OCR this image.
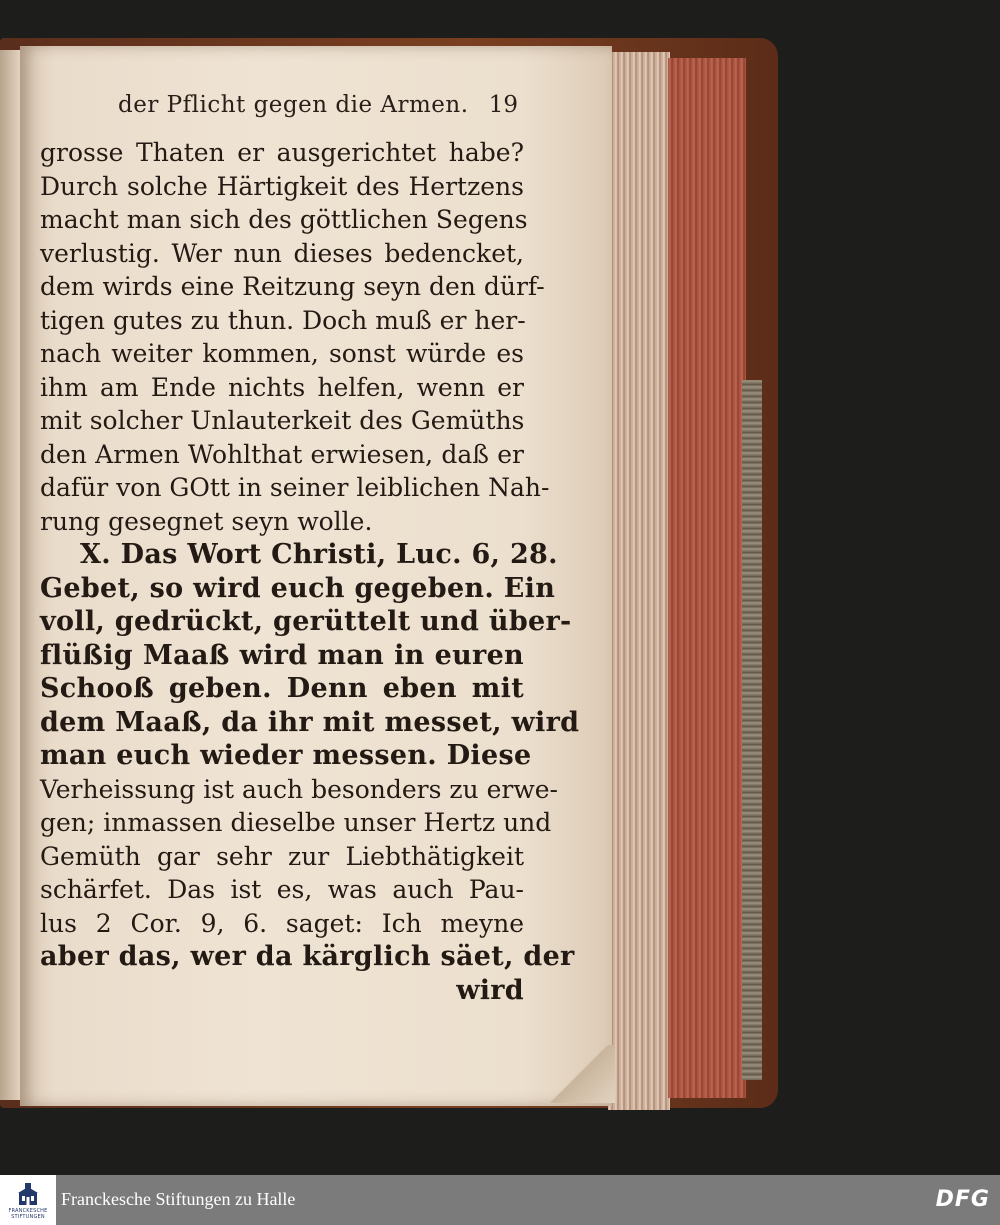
der Pflicht gegen die Armen. 19
grosse Thaten er ausgerichtet habe?
Durch solche Härtigkeit des Hertzens
macht man sich des göttlichen Segens
verlustig. Wer nun dieses bedencket,
dem wirds eine Reitzung seyn den dürf-
tigen gutes zu thun. Doch muß er her-
nach weiter kommen, sonst würde es
ihm am Ende nichts helfen, wenn er
mit solcher Unlauterkeit des Gemüths
den Armen Wohlthat erwiesen, daß er
dafür von GOtt in seiner leiblichen Nah-
rung gesegnet seyn wolle.
X. Das Wort Christi, Luc. 6, 28.
Gebet, so wird euch gegeben. Ein
voll, gedrückt, gerüttelt und über-
flüßig Maaß wird man in euren
Schooß geben. Denn eben mit
dem Maaß, da ihr mit messet, wird
man euch wieder messen. Diese
Verheissung ist auch besonders zu erwe-
gen; inmassen dieselbe unser Hertz und
Gemüth gar sehr zur Liebthätigkeit
schärfet. Das ist es, was auch Pau-
lus 2 Cor. 9, 6. saget: Ich meyne
aber das, wer da kärglich säet, der
wird
FRANCKESCHE STIFTUNGEN
Franckesche Stiftungen zu Halle	DFG
